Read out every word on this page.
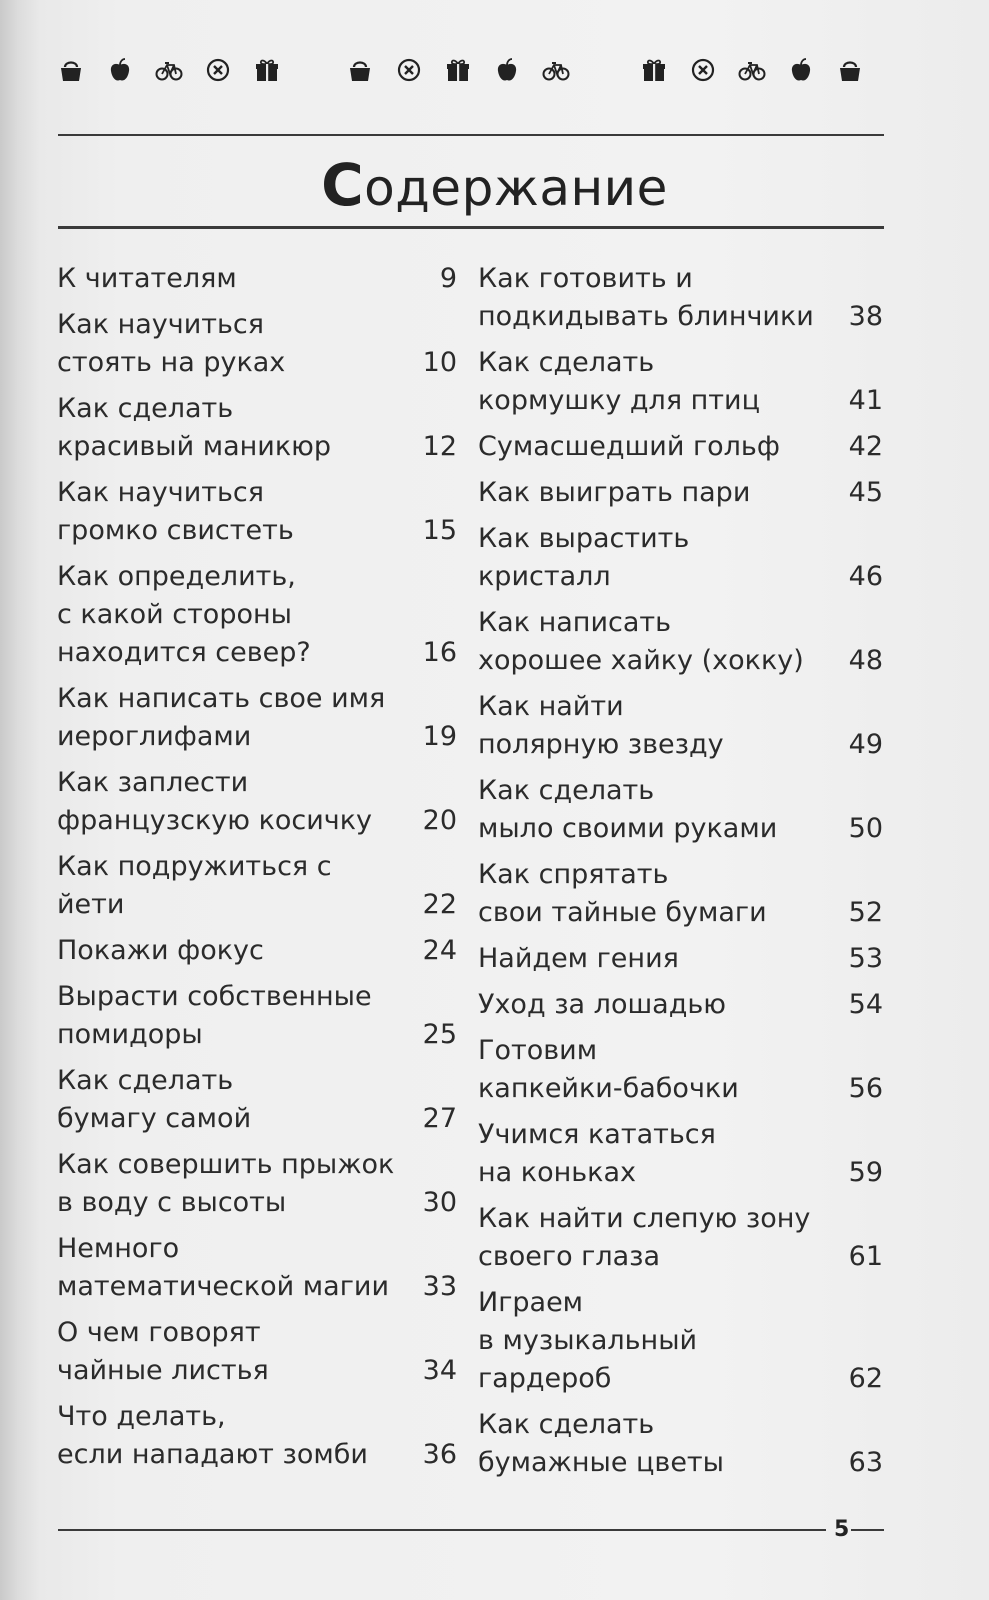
Содержание
К читателям	9
Как научиться
стоять на руках	10
Как сделать
красивый маникюр	12
Как научиться
громко свистеть	15
Как определить,
с какой стороны
находится север?	16
Как написать свое имя
иероглифами	19
Как заплести
французскую косичку	20
Как подружиться с йети	22
Покажи фокус	24
Вырасти собственные
помидоры	25
Как сделать
бумагу самой	27
Как совершить прыжок
в воду с высоты	30
Немного
математической магии	33
О чем говорят
чайные листья	34
Что делать,
если нападают зомби	36
Как готовить и
подкидывать блинчики	38
Как сделать
кормушку для птиц	41
Сумасшедший гольф	42
Как выиграть пари	45
Как вырастить
кристалл	46
Как написать
хорошее хайку (хокку)	48
Как найти
полярную звезду	49
Как сделать
мыло своими руками	50
Как спрятать
свои тайные бумаги	52
Найдем гения	53
Уход за лошадью	54
Готовим
капкейки-бабочки	56
Учимся кататься
на коньках	59
Как найти слепую зону
своего глаза	61
Играем
в музыкальный гардероб	62
Как сделать
бумажные цветы	63
5
